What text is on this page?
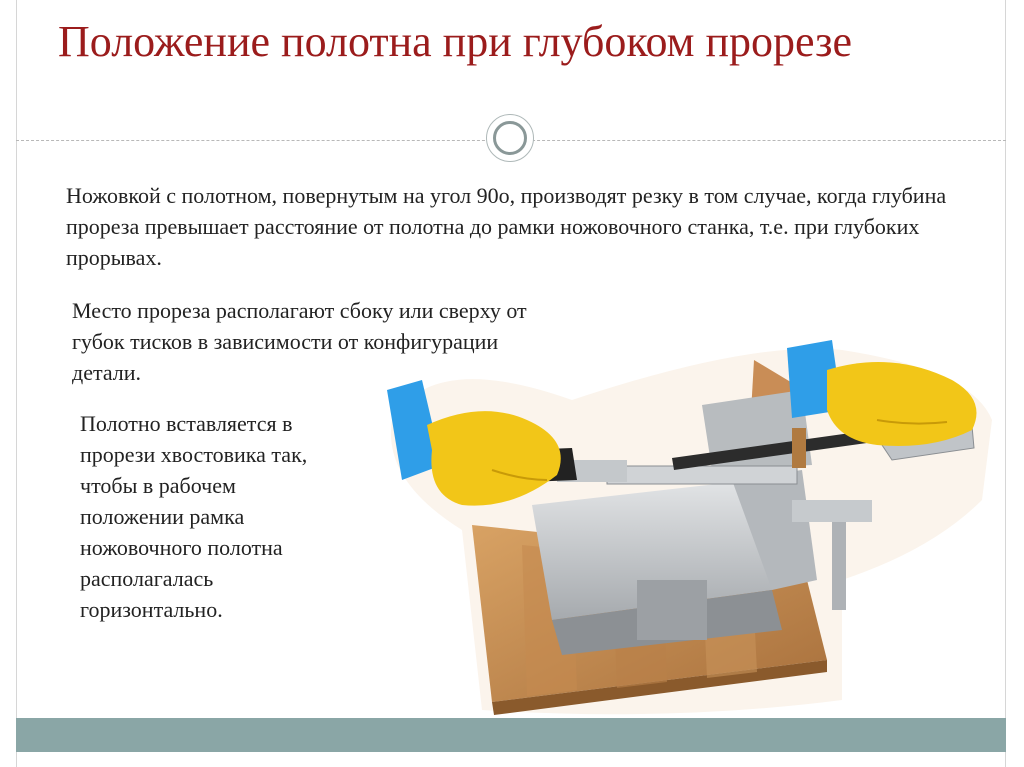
Положение полотна при глубоком прорезе

Ножовкой с полотном, повернутым на угол 90о, производят резку в том случае, когда глубина прореза превышает расстояние от полотна до рамки ножовочного станка, т.е. при глубоких прорывах.

Место прореза располагают сбоку или сверху от губок тисков в зависимости от конфигурации детали.

Полотно вставляется в прорези хвостовика так, чтобы в рабочем положении рамка ножовочного полотна располагалась горизонтально.
